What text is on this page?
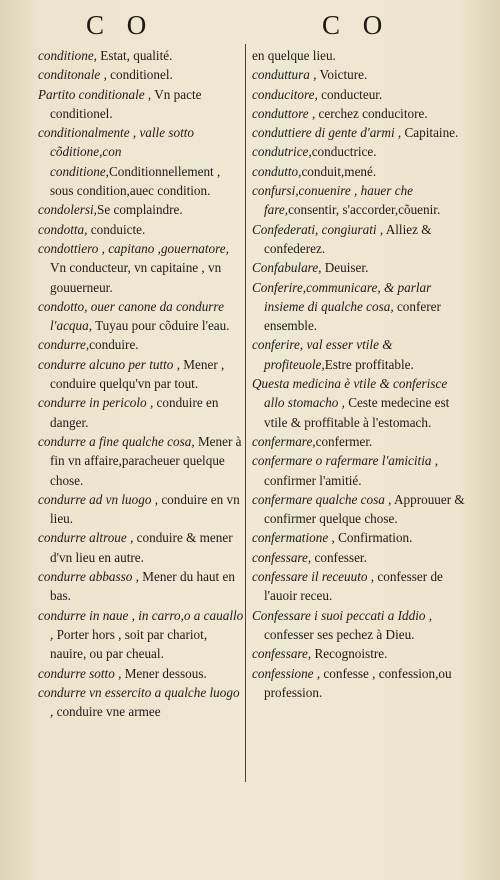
C O	C O
conditione, Estat, qualité.
conditonale , conditionel.
Partito conditionale , Vn pacte conditionel.
conditionalmente , valle sotto cõditione,con conditione,Conditionnellement , sous condition,auec condition.
condolersi,Se complaindre.
condotta, conduicte.
condottiero , capitano ,gouernatore, Vn conducteur, vn capitaine , vn gouuerneur.
condotto, ouer canone da condurre l'acqua, Tuyau pour cõduire l'eau.
condurre,conduire.
condurre alcuno per tutto , Mener , conduire quelqu'vn par tout.
condurre in pericolo , conduire en danger.
condurre a fine qualche cosa, Mener à fin vn affaire,paracheuer quelque chose.
condurre ad vn luogo , conduire en vn lieu.
condurre altroue , conduire & mener d'vn lieu en autre.
condurre abbasso , Mener du haut en bas.
condurre in naue , in carro,o a cauallo , Porter hors , soit par chariot, nauire, ou par cheual.
condurre sotto , Mener dessous.
condurre vn essercito a qualche luogo , conduire vne armee
en quelque lieu.
conduttura , Voicture.
conducitore, conducteur.
conduttore , cerchez conducitore.
conduttiere di gente d'armi , Capitaine.
condutrice,conductrice.
condutto,conduit,mené.
confursi,conuenire , hauer che fare,consentir, s'accorder,cõuenir.
Confederati, congiurati , Alliez & confederez.
Confabulare, Deuiser.
Conferire,communicare, & parlar insieme di qualche cosa, conferer ensemble.
conferire, val esser vtile & profiteuole,Estre proffitable.
Questa medicina è vtile & conferisce allo stomacho , Ceste medecine est vtile & proffitable à l'estomach.
confermare,confermer.
confermare o rafermare l'amicitia , confirmer l'amitié.
confermare qualche cosa , Approuuer & confirmer quelque chose.
confermatione , Confirmation.
confessare, confesser.
confessare il receuuto , confesser de l'auoir receu.
Confessare i suoi peccati a Iddio , confesser ses pechez à Dieu.
confessare, Recognoistre.
confessione , confesse , confession,ou profession.
